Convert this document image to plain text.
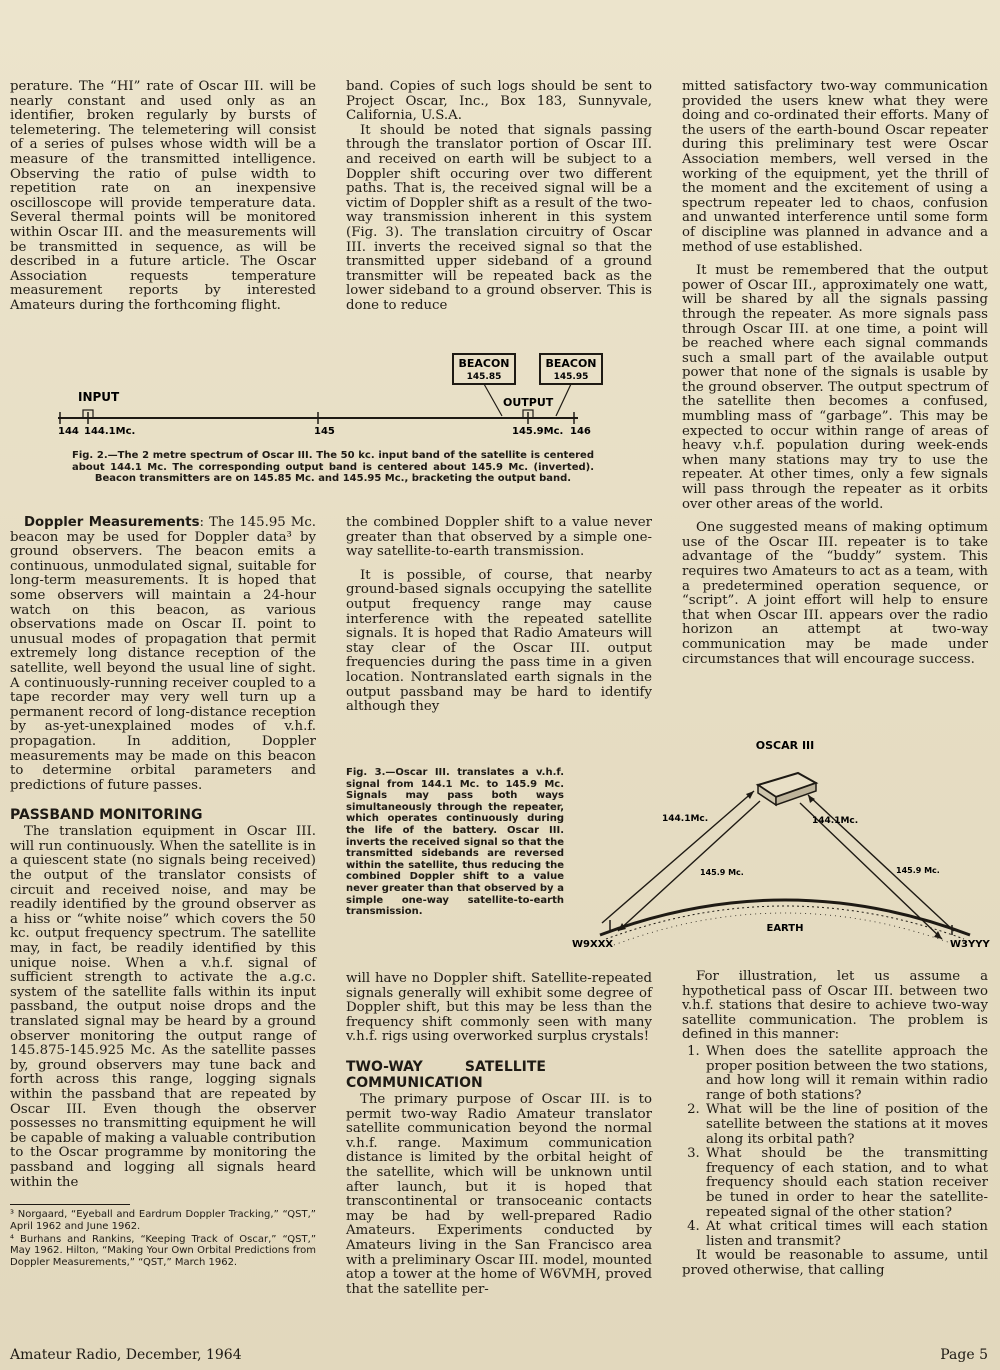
perature. The “HI” rate of Oscar III. will be nearly constant and used only as an identifier, broken regularly by bursts of telemetering. The telemetering will consist of a series of pulses whose width will be a measure of the transmitted intelligence. Observing the ratio of pulse width to repetition rate on an inexpensive oscilloscope will provide temperature data. Several thermal points will be monitored within Oscar III. and the measurements will be transmitted in sequence, as will be described in a future article. The Oscar Association requests temperature measurement reports by interested Amateurs during the forthcoming flight.

band. Copies of such logs should be sent to Project Oscar, Inc., Box 183, Sunnyvale, California, U.S.A.

It should be noted that signals passing through the translator portion of Oscar III. and received on earth will be subject to a Doppler shift occuring over two different paths. That is, the received signal will be a victim of Doppler shift as a result of the two-way transmission inherent in this system (Fig. 3). The translation circuitry of Oscar III. inverts the received signal so that the transmitted upper sideband of a ground transmitter will be repeated back as the lower sideband to a ground observer. This is done to reduce

BEACON
145.85
BEACON
145.95
INPUT	OUTPUT
144 144.1Mc.	145	145.9Mc. 146
Fig. 2.—The 2 metre spectrum of Oscar III. The 50 kc. input band of the satellite is centered about 144.1 Mc. The corresponding output band is centered about 145.9 Mc. (inverted). Beacon transmitters are on 145.85 Mc. and 145.95 Mc., bracketing the output band.

Doppler Measurements: The 145.95 Mc. beacon may be used for Doppler data³ by ground observers. The beacon emits a continuous, unmodulated signal, suitable for long-term measurements. It is hoped that some observers will maintain a 24-hour watch on this beacon, as various observations made on Oscar II. point to unusual modes of propagation that permit extremely long distance reception of the satellite, well beyond the usual line of sight. A continuously-running receiver coupled to a tape recorder may very well turn up a permanent record of long-distance reception by as-yet-unexplained modes of v.h.f. propagation. In addition, Doppler measurements may be made on this beacon to determine orbital parameters and predictions of future passes.

PASSBAND MONITORING

The translation equipment in Oscar III. will run continuously. When the satellite is in a quiescent state (no signals being received) the output of the translator consists of circuit and received noise, and may be readily identified by the ground observer as a hiss or “white noise” which covers the 50 kc. output frequency spectrum. The satellite may, in fact, be readily identified by this unique noise. When a v.h.f. signal of sufficient strength to activate the a.g.c. system of the satellite falls within its input passband, the output noise drops and the translated signal may be heard by a ground observer monitoring the output range of 145.875-145.925 Mc. As the satellite passes by, ground observers may tune back and forth across this range, logging signals within the passband that are repeated by Oscar III. Even though the observer possesses no transmitting equipment he will be capable of making a valuable contribution to the Oscar programme by monitoring the passband and logging all signals heard within the

³ Norgaard, “Eyeball and Eardrum Doppler Tracking,” “QST,” April 1962 and June 1962.

⁴ Burhans and Rankins, “Keeping Track of Oscar,” “QST,” May 1962. Hilton, “Making Your Own Orbital Predictions from Doppler Measurements,” “QST,” March 1962.

the combined Doppler shift to a value never greater than that observed by a simple one-way satellite-to-earth transmission.

It is possible, of course, that nearby ground-based signals occupying the satellite output frequency range may cause interference with the repeated satellite signals. It is hoped that Radio Amateurs will stay clear of the Oscar III. output frequencies during the pass time in a given location. Nontranslated earth signals in the output passband may be hard to identify although they

Fig. 3.—Oscar III. translates a v.h.f. signal from 144.1 Mc. to 145.9 Mc. Signals may pass both ways simultaneously through the repeater, which operates continuously during the life of the battery. Oscar III. inverts the received signal so that the transmitted sidebands are reversed within the satellite, thus reducing the combined Doppler shift to a value never greater than that observed by a simple one-way satellite-to-earth transmission.
OSCAR III
EARTH
144.1Mc.	144.1Mc.
145.9 Mc.	145.9 Mc.
W9XXX	W3YYY

mitted satisfactory two-way communication provided the users knew what they were doing and co-ordinated their efforts. Many of the users of the earth-bound Oscar repeater during this preliminary test were Oscar Association members, well versed in the working of the equipment, yet the thrill of the moment and the excitement of using a spectrum repeater led to chaos, confusion and unwanted interference until some form of discipline was planned in advance and a method of use established.

It must be remembered that the output power of Oscar III., approximately one watt, will be shared by all the signals passing through the repeater. As more signals pass through Oscar III. at one time, a point will be reached where each signal commands such a small part of the available output power that none of the signals is usable by the ground observer. The output spectrum of the satellite then becomes a confused, mumbling mass of “garbage”. This may be expected to occur within range of areas of heavy v.h.f. population during week-ends when many stations may try to use the repeater. At other times, only a few signals will pass through the repeater as it orbits over other areas of the world.

One suggested means of making optimum use of the Oscar III. repeater is to take advantage of the “buddy” system. This requires two Amateurs to act as a team, with a predetermined operation sequence, or “script”. A joint effort will help to ensure that when Oscar III. appears over the radio horizon an attempt at two-way communication may be made under circumstances that will encourage success.

will have no Doppler shift. Satellite-repeated signals generally will exhibit some degree of Doppler shift, but this may be less than the frequency shift commonly seen with many v.h.f. rigs using overworked surplus crystals!

TWO-WAY SATELLITE COMMUNICATION

The primary purpose of Oscar III. is to permit two-way Radio Amateur translator satellite communication beyond the normal v.h.f. range. Maximum communication distance is limited by the orbital height of the satellite, which will be unknown until after launch, but it is hoped that transcontinental or transoceanic contacts may be had by well-prepared Radio Amateurs. Experiments conducted by Amateurs living in the San Francisco area with a preliminary Oscar III. model, mounted atop a tower at the home of W6VMH, proved that the satellite per-

For illustration, let us assume a hypothetical pass of Oscar III. between two v.h.f. stations that desire to achieve two-way satellite communication. The problem is defined in this manner:

1. When does the satellite approach the proper position between the two stations, and how long will it remain within radio range of both stations?
2. What will be the line of position of the satellite between the stations at it moves along its orbital path?
3. What should be the transmitting frequency of each station, and to what frequency should each station receiver be tuned in order to hear the satellite-repeated signal of the other station?
4. At what critical times will each station listen and transmit?

It would be reasonable to assume, until proved otherwise, that calling

Amateur Radio, December, 1964	Page 5
